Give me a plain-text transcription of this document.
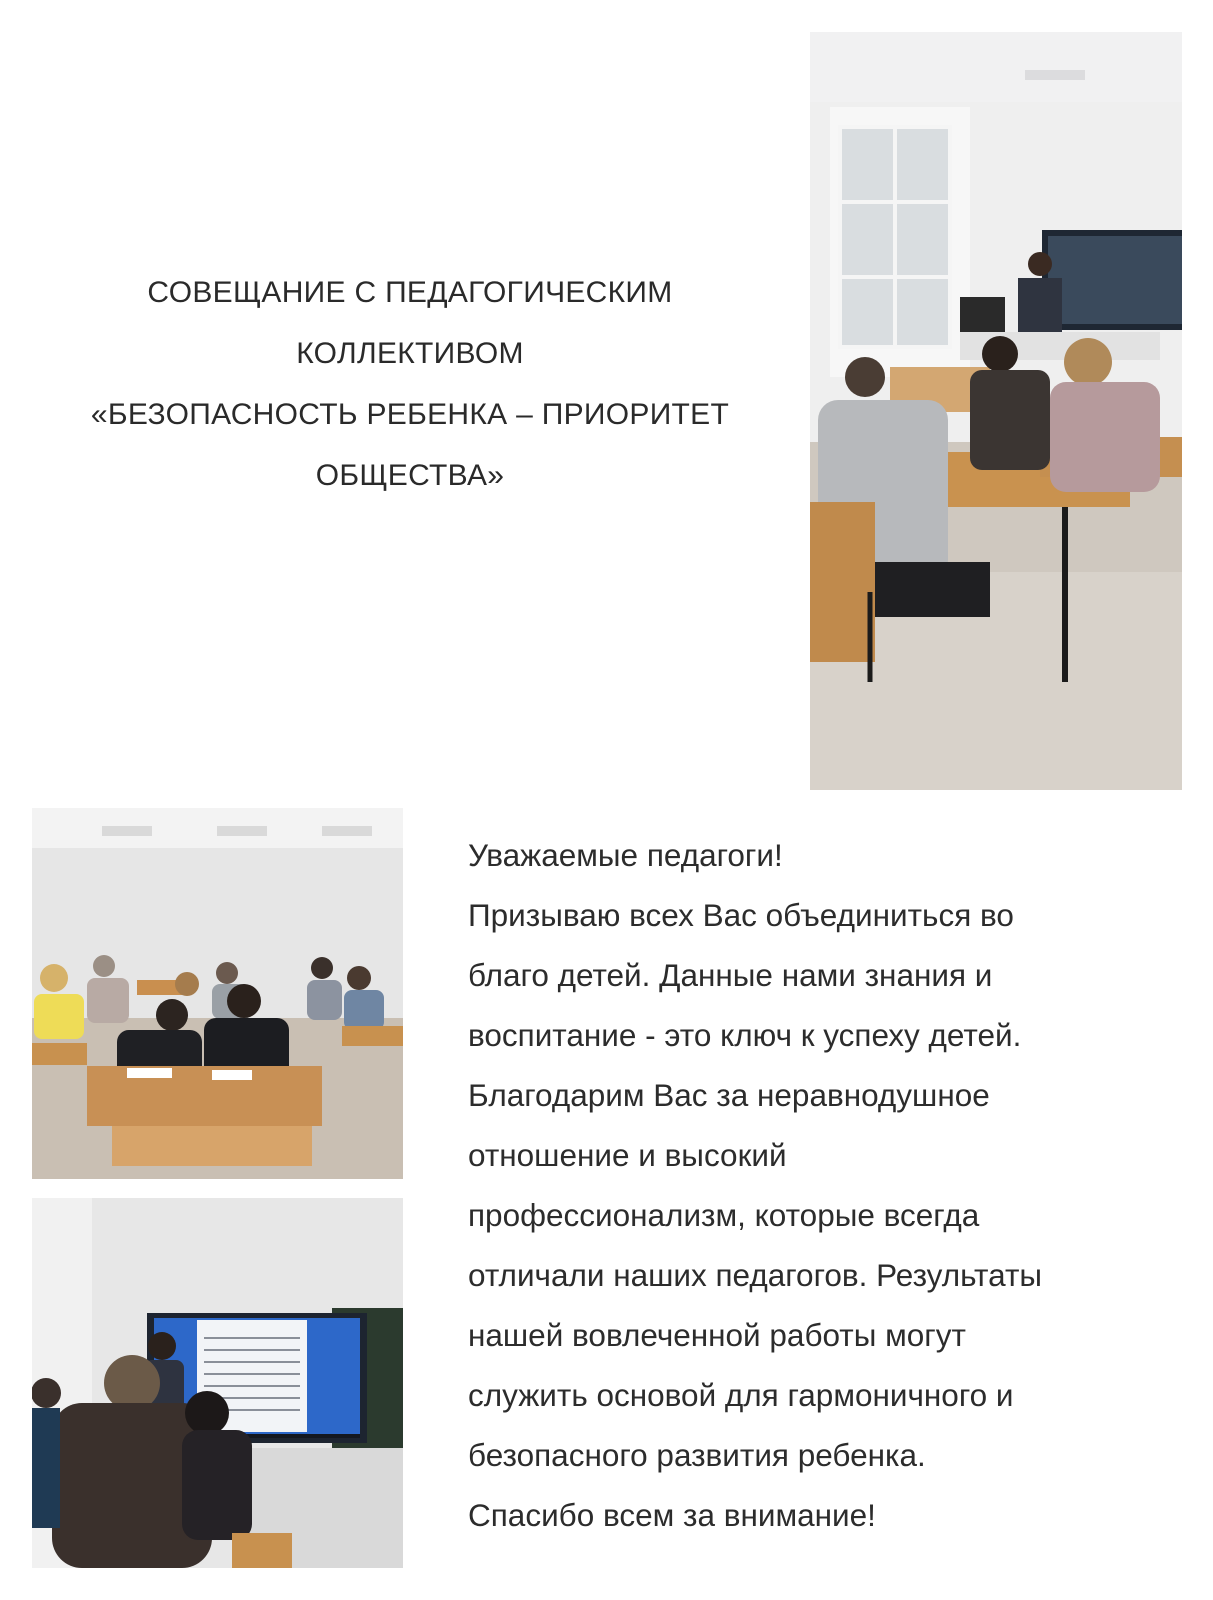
СОВЕЩАНИЕ С ПЕДАГОГИЧЕСКИМ
КОЛЛЕКТИВОМ
«БЕЗОПАСНОСТЬ РЕБЕНКА – ПРИОРИТЕТ
ОБЩЕСТВА»
Уважаемые педагоги!
Призываю всех Вас объединиться во
благо детей. Данные нами знания и
воспитание - это ключ к успеху детей.
Благодарим Вас за неравнодушное
отношение и высокий
профессионализм, которые всегда
отличали наших педагогов. Результаты
нашей вовлеченной работы могут
служить основой для гармоничного и
безопасного развития ребенка.
Спасибо всем за внимание!
